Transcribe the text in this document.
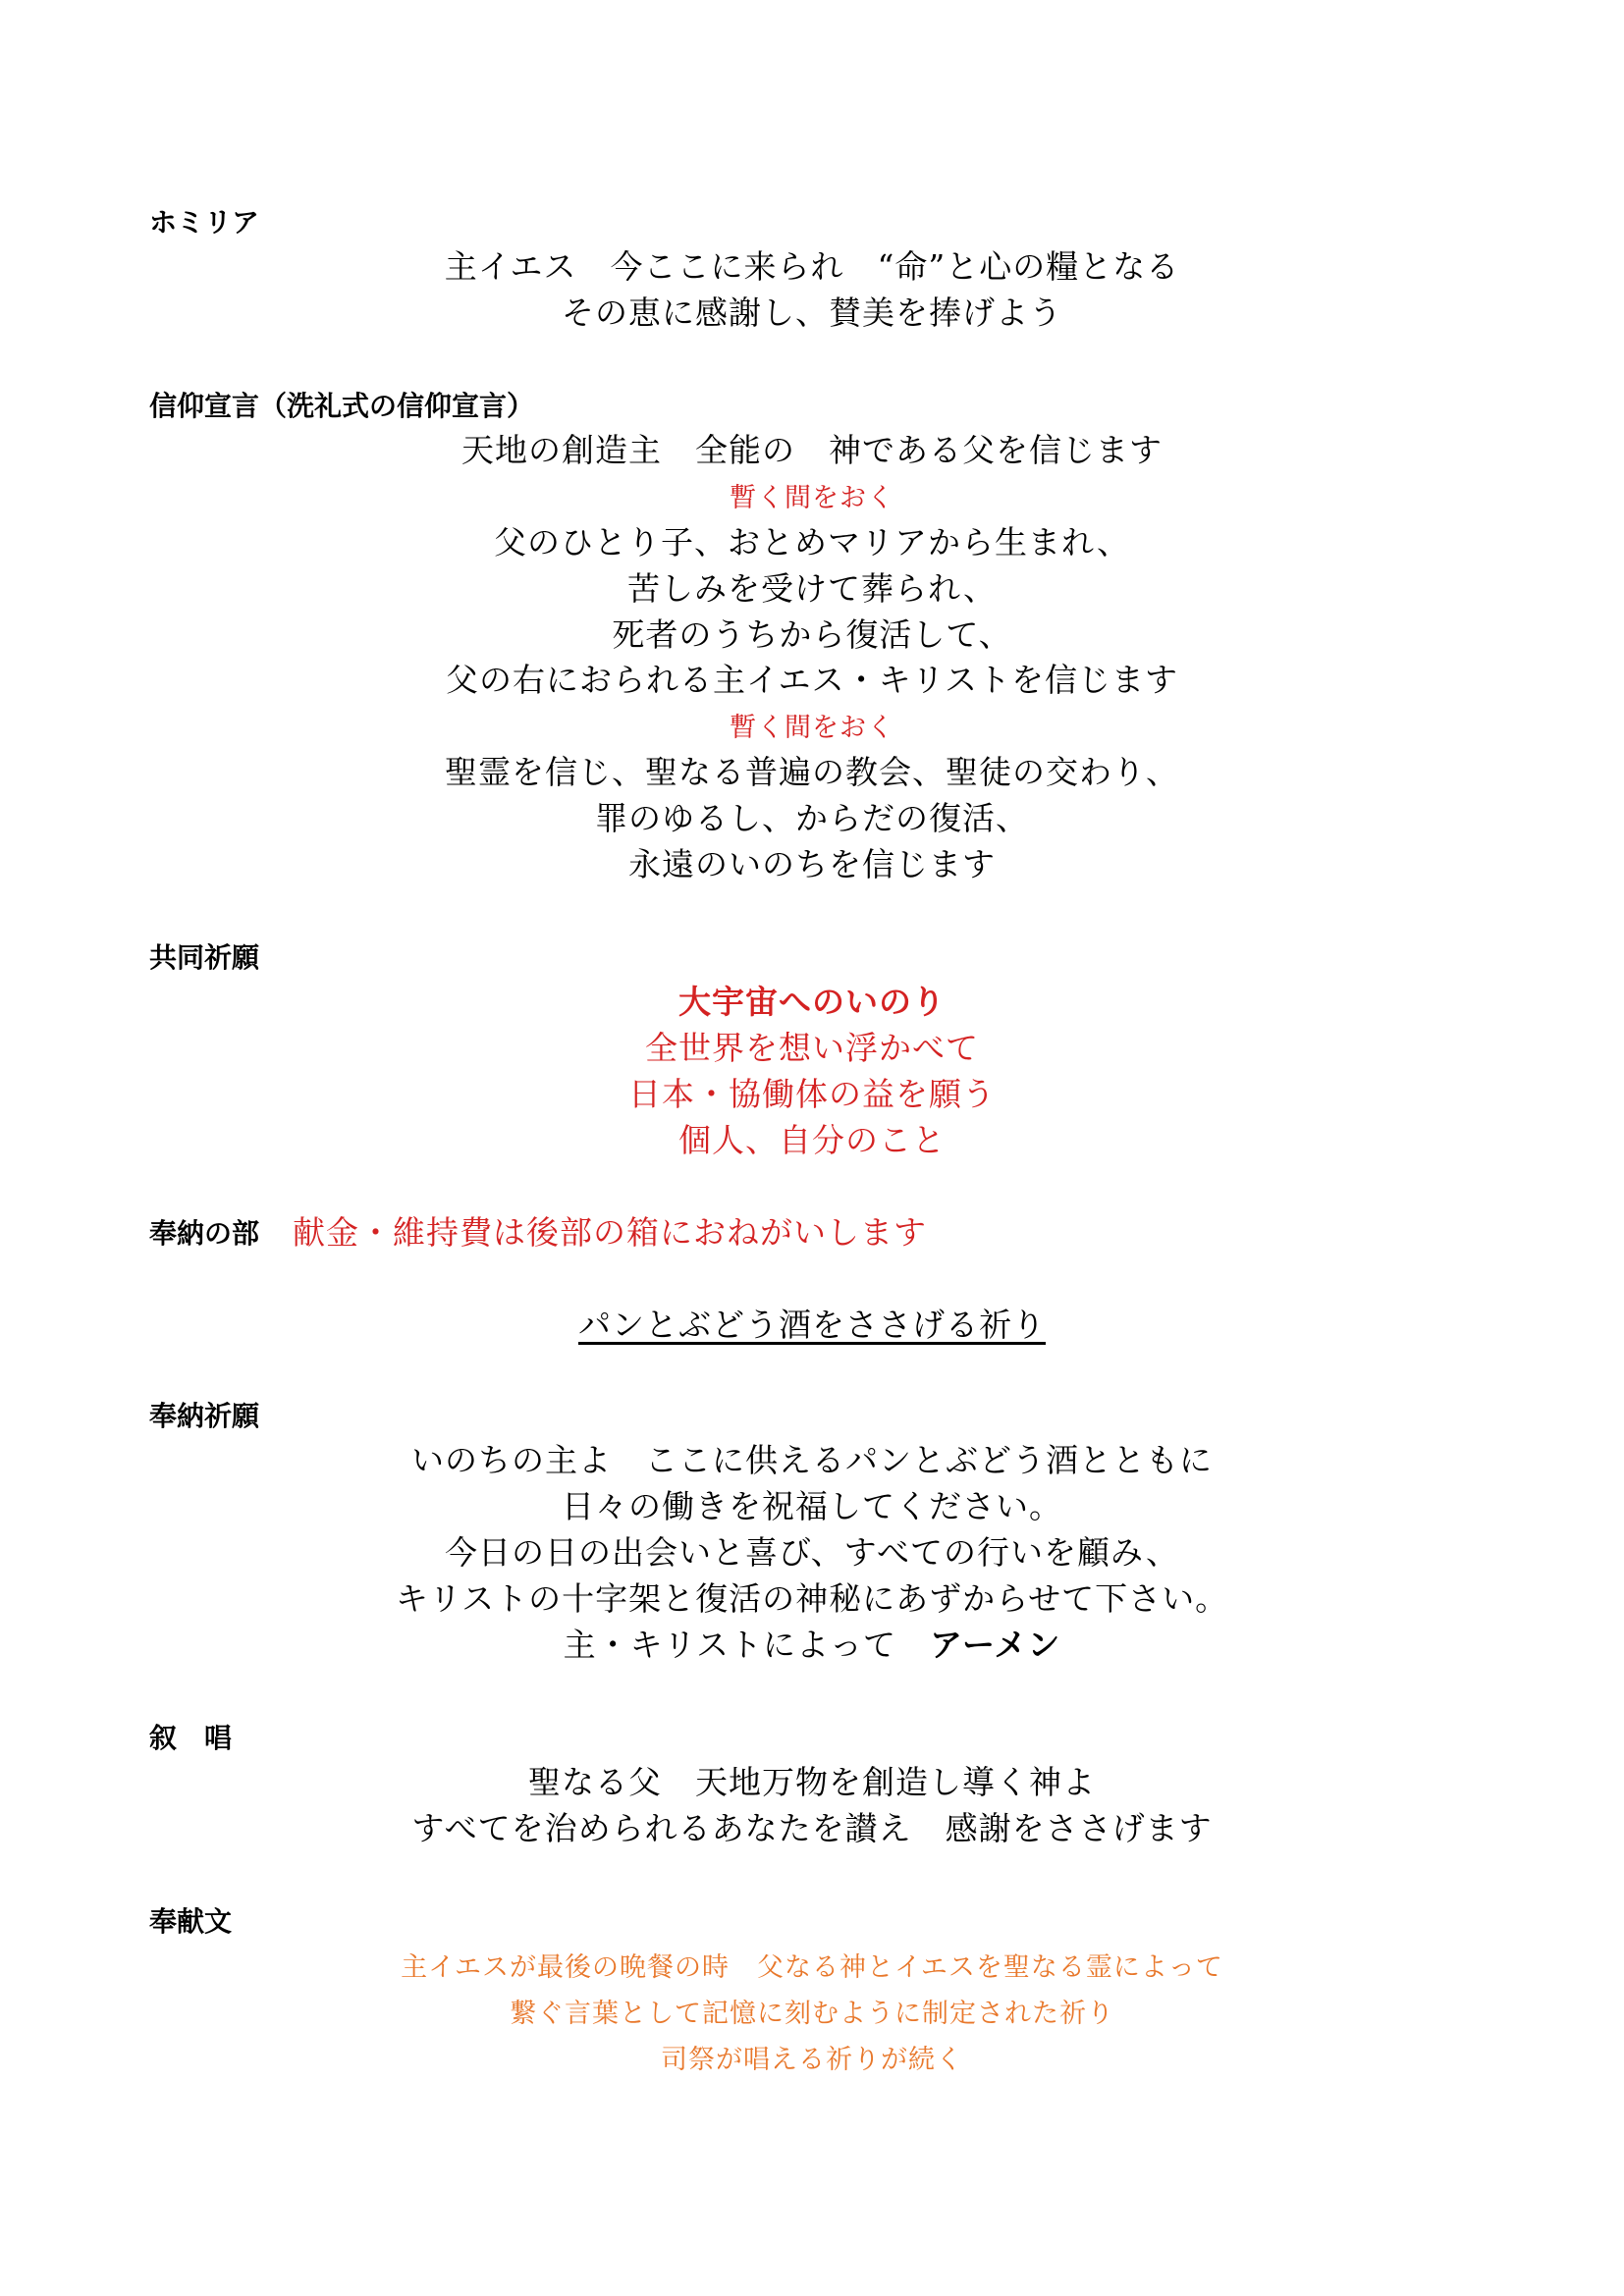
ホミリア
主イエス　今ここに来られ　“命”と心の糧となる
その恵に感謝し、賛美を捧げよう
信仰宣言（洗礼式の信仰宣言）
天地の創造主　全能の　神である父を信じます
暫く間をおく
父のひとり子、おとめマリアから生まれ、
苦しみを受けて葬られ、
死者のうちから復活して、
父の右におられる主イエス・キリストを信じます
暫く間をおく
聖霊を信じ、聖なる普遍の教会、聖徒の交わり、
罪のゆるし、からだの復活、
永遠のいのちを信じます
共同祈願
大宇宙へのいのり
全世界を想い浮かべて
日本・協働体の益を願う
個人、自分のこと
奉納の部 献金・維持費は後部の箱におねがいします
パンとぶどう酒をささげる祈り
奉納祈願
いのちの主よ　ここに供えるパンとぶどう酒とともに
日々の働きを祝福してください。
今日の日の出会いと喜び、すべての行いを顧み、
キリストの十字架と復活の神秘にあずからせて下さい。
主・キリストによって　アーメン
叙　唱
聖なる父　天地万物を創造し導く神よ
すべてを治められるあなたを讃え　感謝をささげます
奉献文
主イエスが最後の晩餐の時　父なる神とイエスを聖なる霊によって
繋ぐ言葉として記憶に刻むように制定された祈り
司祭が唱える祈りが続く
